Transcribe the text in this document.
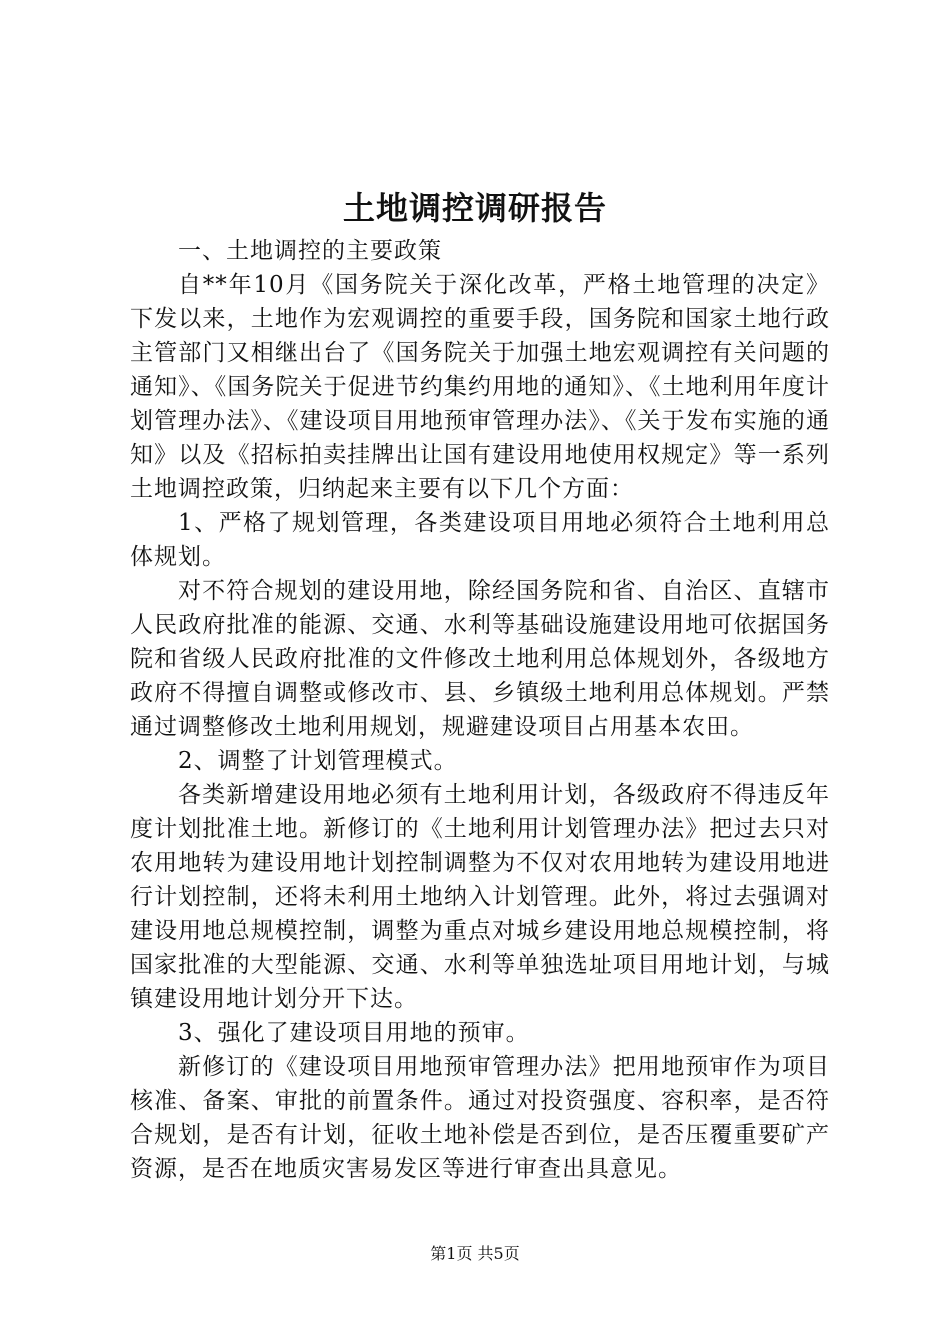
土地调控调研报告

一、土地调控的主要政策

自**年10月《国务院关于深化改革，严格土地管理的决定》下发以来，土地作为宏观调控的重要手段，国务院和国家土地行政主管部门又相继出台了《国务院关于加强土地宏观调控有关问题的通知》、《国务院关于促进节约集约用地的通知》、《土地利用年度计划管理办法》、《建设项目用地预审管理办法》、《关于发布实施的通知》以及《招标拍卖挂牌出让国有建设用地使用权规定》等一系列土地调控政策，归纳起来主要有以下几个方面：

1、严格了规划管理，各类建设项目用地必须符合土地利用总体规划。

对不符合规划的建设用地，除经国务院和省、自治区、直辖市人民政府批准的能源、交通、水利等基础设施建设用地可依据国务院和省级人民政府批准的文件修改土地利用总体规划外，各级地方政府不得擅自调整或修改市、县、乡镇级土地利用总体规划。严禁通过调整修改土地利用规划，规避建设项目占用基本农田。

2、调整了计划管理模式。

各类新增建设用地必须有土地利用计划，各级政府不得违反年度计划批准土地。新修订的《土地利用计划管理办法》把过去只对农用地转为建设用地计划控制调整为不仅对农用地转为建设用地进行计划控制，还将未利用土地纳入计划管理。此外，将过去强调对建设用地总规模控制，调整为重点对城乡建设用地总规模控制，将国家批准的大型能源、交通、水利等单独选址项目用地计划，与城镇建设用地计划分开下达。

3、强化了建设项目用地的预审。

新修订的《建设项目用地预审管理办法》把用地预审作为项目核准、备案、审批的前置条件。通过对投资强度、容积率，是否符合规划，是否有计划，征收土地补偿是否到位，是否压覆重要矿产资源，是否在地质灾害易发区等进行审查出具意见。

第1页 共5页
